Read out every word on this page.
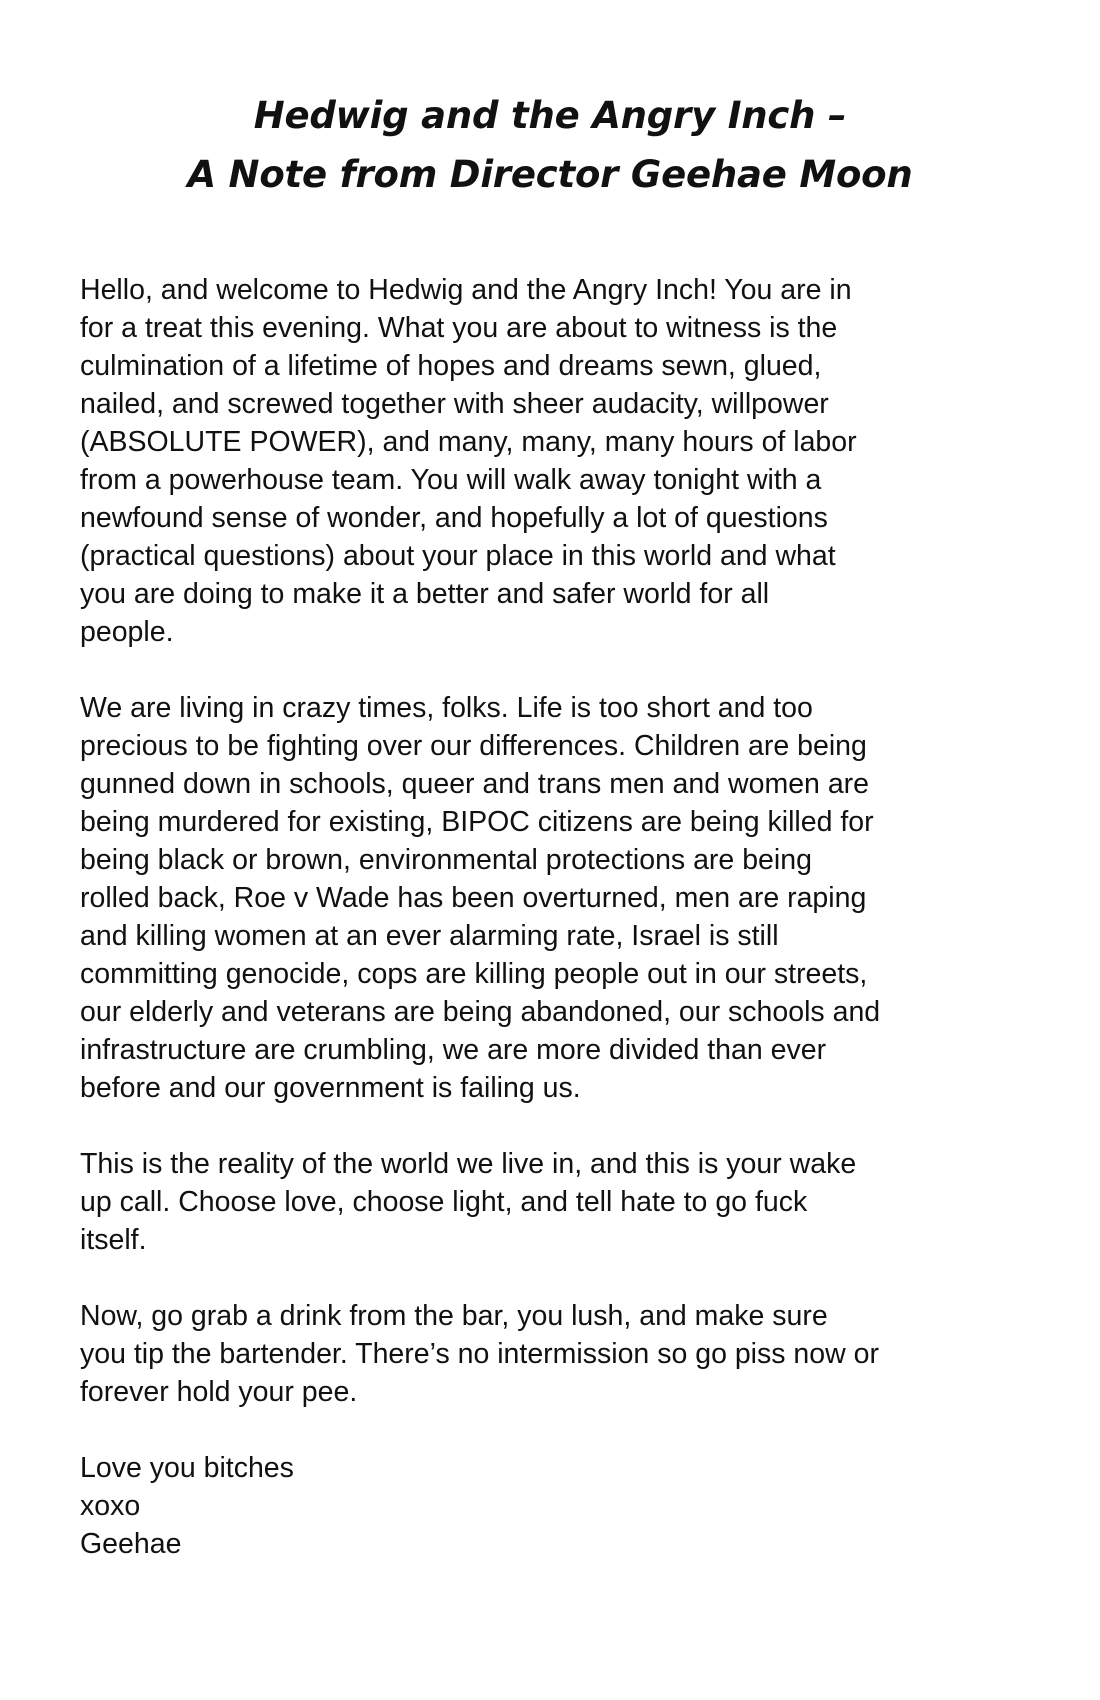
Hedwig and the Angry Inch –
A Note from Director Geehae Moon

Hello, and welcome to Hedwig and the Angry Inch! You are in
for a treat this evening. What you are about to witness is the
culmination of a lifetime of hopes and dreams sewn, glued,
nailed, and screwed together with sheer audacity, willpower
(ABSOLUTE POWER), and many, many, many hours of labor
from a powerhouse team. You will walk away tonight with a
newfound sense of wonder, and hopefully a lot of questions
(practical questions) about your place in this world and what
you are doing to make it a better and safer world for all
people.

We are living in crazy times, folks. Life is too short and too
precious to be fighting over our differences. Children are being
gunned down in schools, queer and trans men and women are
being murdered for existing, BIPOC citizens are being killed for
being black or brown, environmental protections are being
rolled back, Roe v Wade has been overturned, men are raping
and killing women at an ever alarming rate, Israel is still
committing genocide, cops are killing people out in our streets,
our elderly and veterans are being abandoned, our schools and
infrastructure are crumbling, we are more divided than ever
before and our government is failing us.

This is the reality of the world we live in, and this is your wake
up call. Choose love, choose light, and tell hate to go fuck
itself.

Now, go grab a drink from the bar, you lush, and make sure
you tip the bartender. There’s no intermission so go piss now or
forever hold your pee.

Love you bitches
xoxo
Geehae
